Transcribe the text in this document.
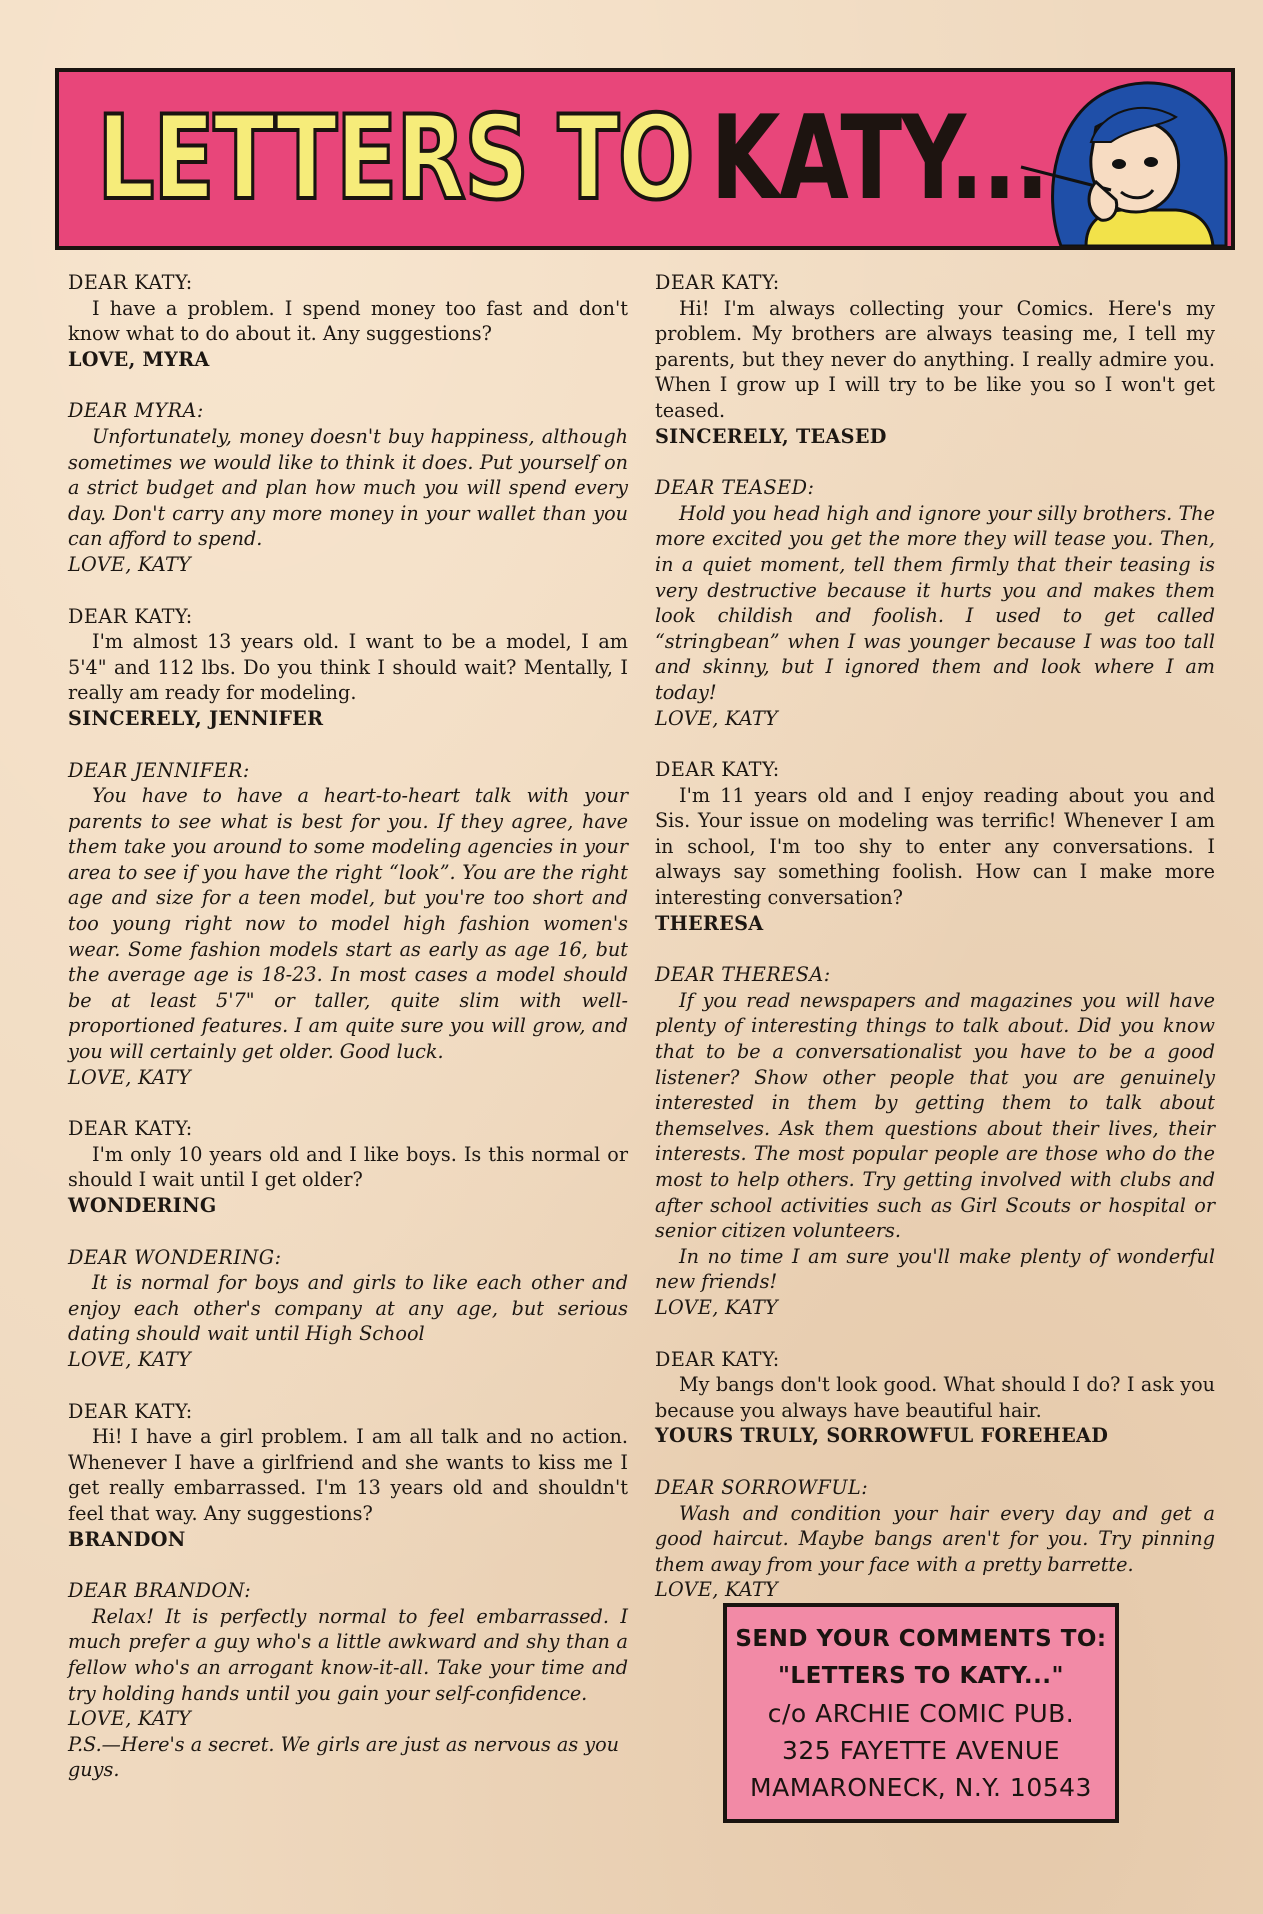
LETTERS TO KATY...
DEAR KATY:
I have a problem. I spend money too fast and don't know what to do about it. Any suggestions?
LOVE, MYRA
DEAR MYRA:
Unfortunately, money doesn't buy happiness, although sometimes we would like to think it does. Put yourself on a strict budget and plan how much you will spend every day. Don't carry any more money in your wallet than you can afford to spend.
LOVE, KATY
DEAR KATY:
I'm almost 13 years old. I want to be a model, I am 5'4" and 112 lbs. Do you think I should wait? Mentally, I really am ready for modeling.
SINCERELY, JENNIFER
DEAR JENNIFER:
You have to have a heart-to-heart talk with your parents to see what is best for you. If they agree, have them take you around to some modeling agencies in your area to see if you have the right “look”. You are the right age and size for a teen model, but you're too short and too young right now to model high fashion women's wear. Some fashion models start as early as age 16, but the average age is 18-23. In most cases a model should be at least 5'7" or taller, quite slim with well-proportioned features. I am quite sure you will grow, and you will certainly get older. Good luck.
LOVE, KATY
DEAR KATY:
I'm only 10 years old and I like boys. Is this normal or should I wait until I get older?
WONDERING
DEAR WONDERING:
It is normal for boys and girls to like each other and enjoy each other's company at any age, but serious dating should wait until High School
LOVE, KATY
DEAR KATY:
Hi! I have a girl problem. I am all talk and no action. Whenever I have a girlfriend and she wants to kiss me I get really embarrassed. I'm 13 years old and shouldn't feel that way. Any suggestions?
BRANDON
DEAR BRANDON:
Relax! It is perfectly normal to feel embarrassed. I much prefer a guy who's a little awkward and shy than a fellow who's an arrogant know-it-all. Take your time and try holding hands until you gain your self-confidence.
LOVE, KATY
P.S.—Here's a secret. We girls are just as nervous as you guys.
DEAR KATY:
Hi! I'm always collecting your Comics. Here's my problem. My brothers are always teasing me, I tell my parents, but they never do anything. I really admire you. When I grow up I will try to be like you so I won't get teased.
SINCERELY, TEASED
DEAR TEASED:
Hold you head high and ignore your silly brothers. The more excited you get the more they will tease you. Then, in a quiet moment, tell them firmly that their teasing is very destructive because it hurts you and makes them look childish and foolish. I used to get called “stringbean” when I was younger because I was too tall and skinny, but I ignored them and look where I am today!
LOVE, KATY
DEAR KATY:
I'm 11 years old and I enjoy reading about you and Sis. Your issue on modeling was terrific! Whenever I am in school, I'm too shy to enter any conversations. I always say something foolish. How can I make more interesting conversation?
THERESA
DEAR THERESA:
If you read newspapers and magazines you will have plenty of interesting things to talk about. Did you know that to be a conversationalist you have to be a good listener? Show other people that you are genuinely interested in them by getting them to talk about themselves. Ask them questions about their lives, their interests. The most popular people are those who do the most to help others. Try getting involved with clubs and after school activities such as Girl Scouts or hospital or senior citizen volunteers.
In no time I am sure you'll make plenty of wonderful new friends!
LOVE, KATY
DEAR KATY:
My bangs don't look good. What should I do? I ask you because you always have beautiful hair.
YOURS TRULY, SORROWFUL FOREHEAD
DEAR SORROWFUL:
Wash and condition your hair every day and get a good haircut. Maybe bangs aren't for you. Try pinning them away from your face with a pretty barrette.
LOVE, KATY
SEND YOUR COMMENTS TO:
"LETTERS TO KATY..."
c/o ARCHIE COMIC PUB.
325 FAYETTE AVENUE
MAMARONECK, N.Y. 10543
